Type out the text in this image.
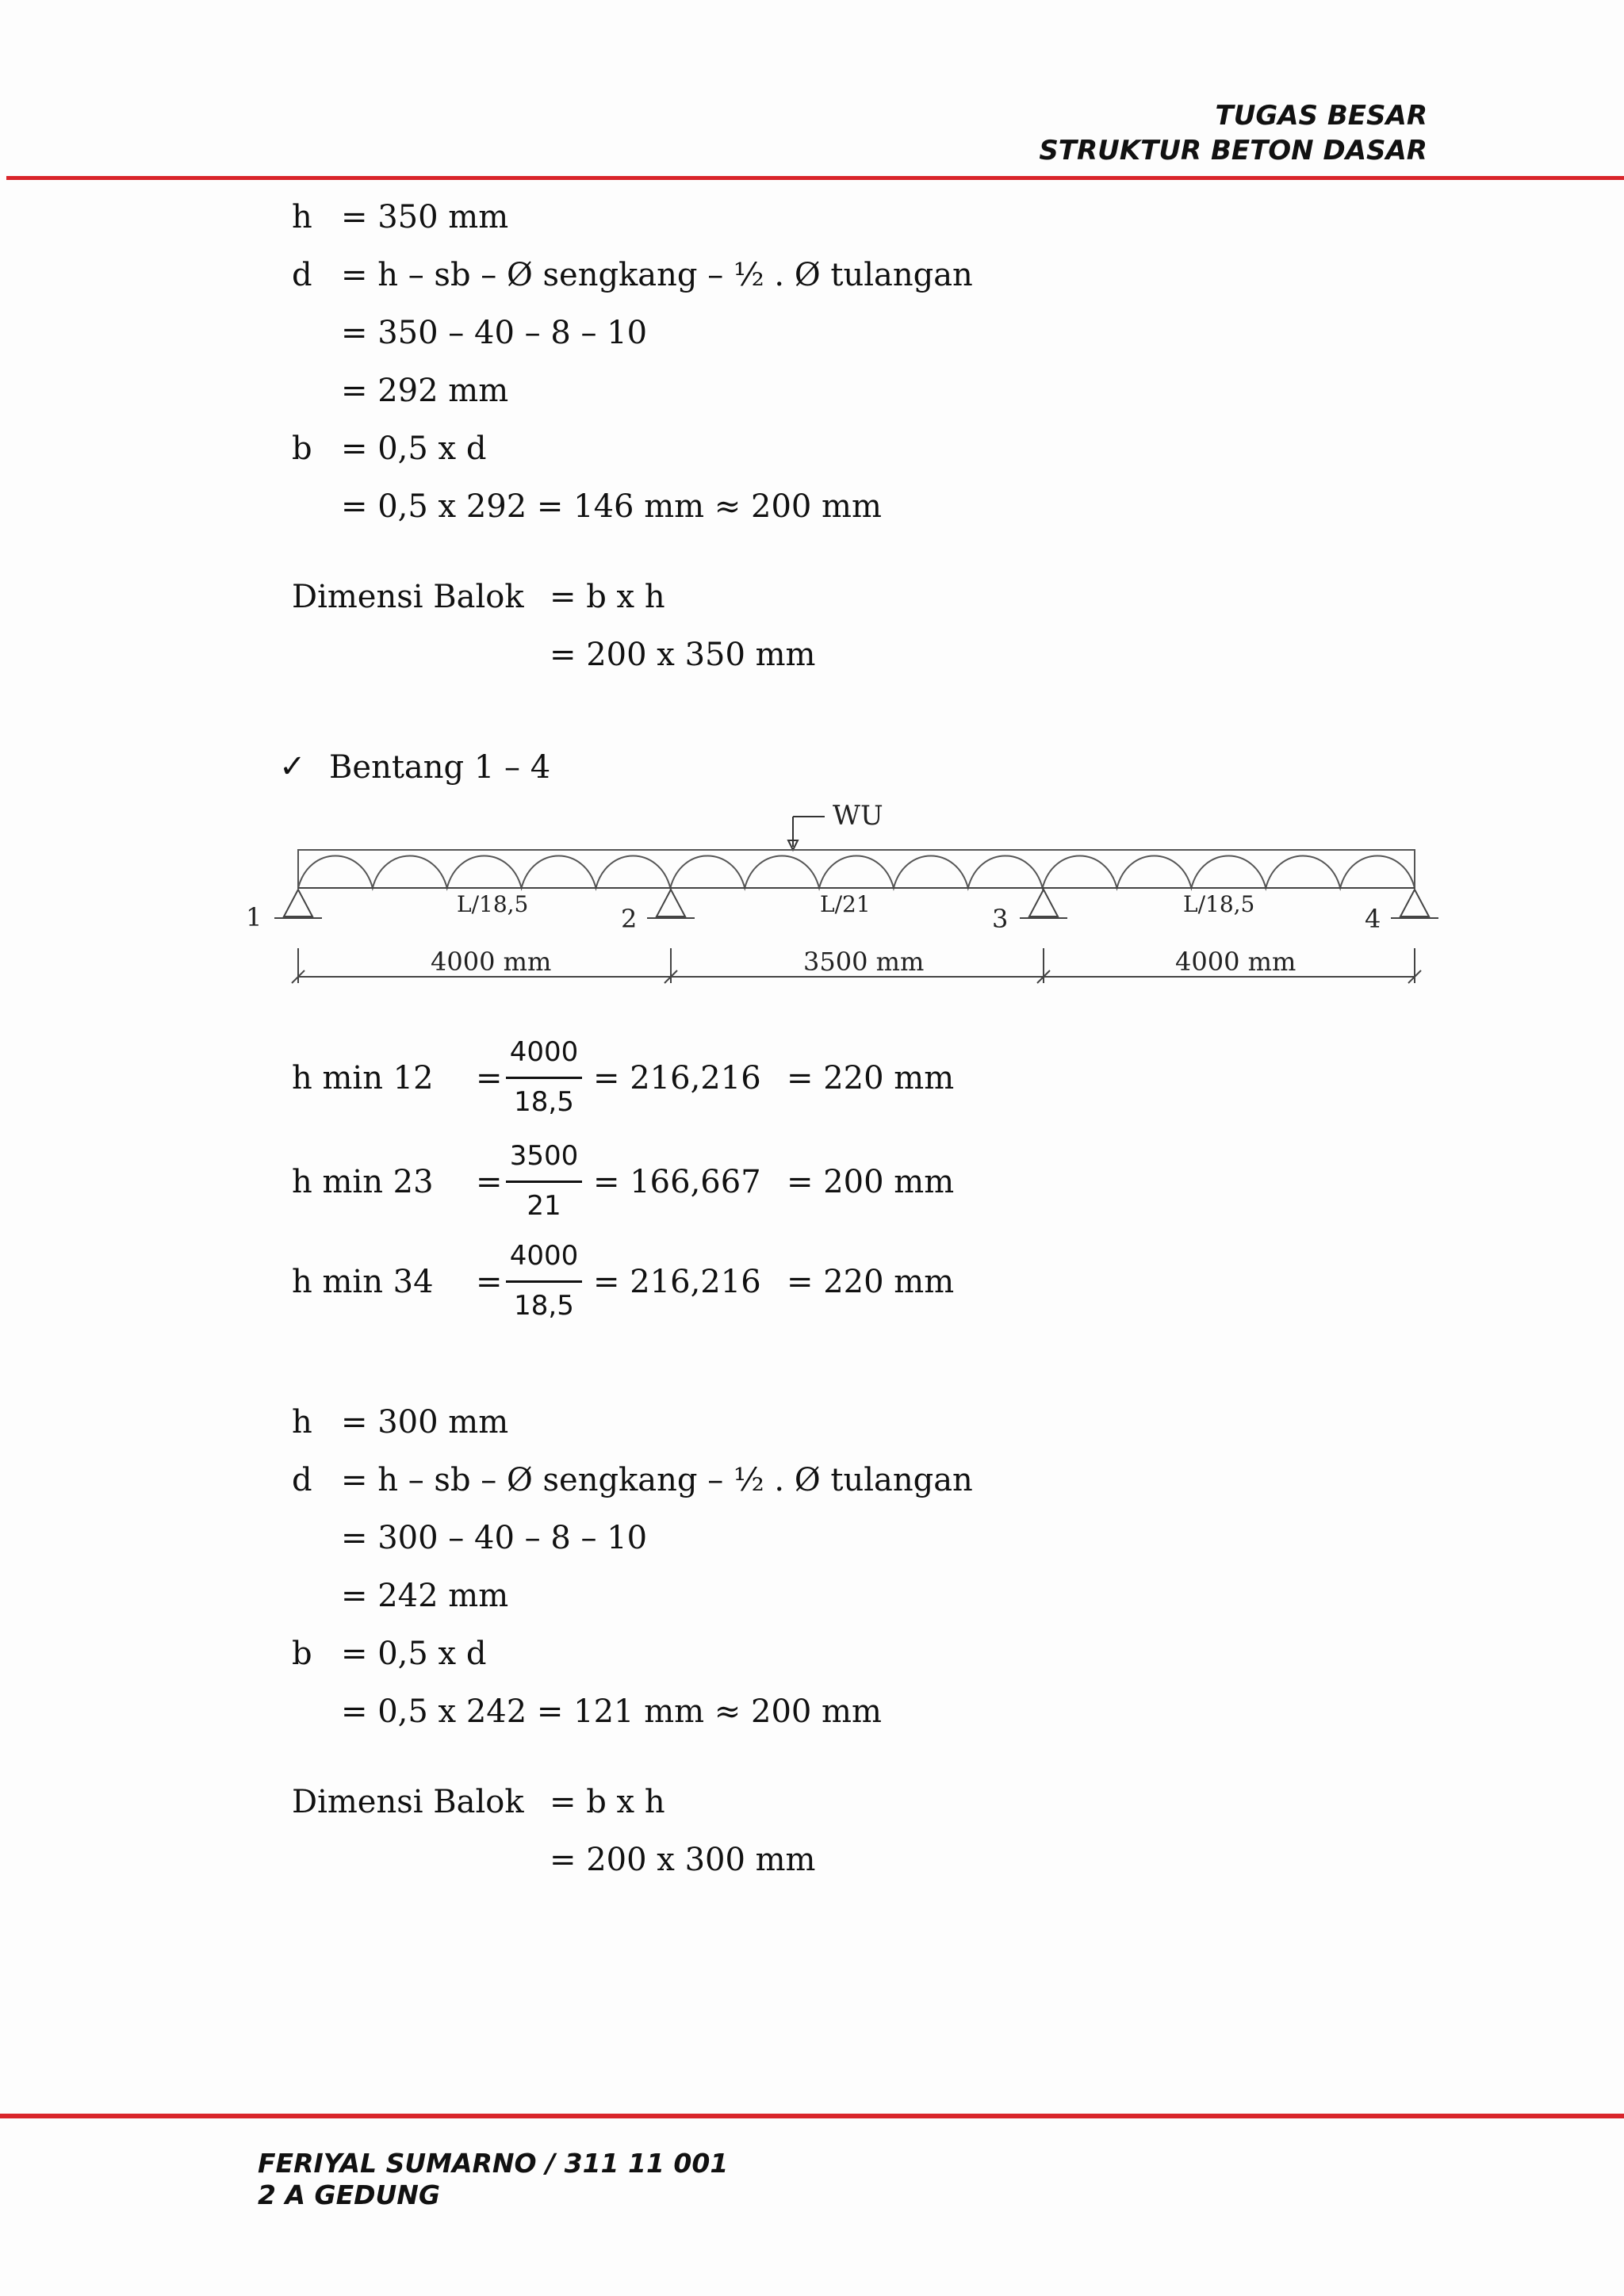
TUGAS BESAR
STRUKTUR BETON DASAR
h = 350 mm
d = h – sb – Ø sengkang – ½ . Ø tulangan
= 350 – 40 – 8 – 10
= 292 mm
b = 0,5 x d
= 0,5 x 292 = 146 mm ≈ 200 mm
Dimensi Balok = b x h
= 200 x 350 mm
✓ Bentang 1 – 4
WU
1	2	3	4
L/18,5	L/21	L/18,5
4000 mm	3500 mm	4000 mm
h min 12 =
4000
18,5
= 216,216 = 220 mm
h min 23 =
3500
21
= 166,667 = 200 mm
h min 34 =
4000
18,5
= 216,216 = 220 mm
h = 300 mm
d = h – sb – Ø sengkang – ½ . Ø tulangan
= 300 – 40 – 8 – 10
= 242 mm
b = 0,5 x d
= 0,5 x 242 = 121 mm ≈ 200 mm
Dimensi Balok = b x h
= 200 x 300 mm
FERIYAL SUMARNO / 311 11 001
2 A GEDUNG
